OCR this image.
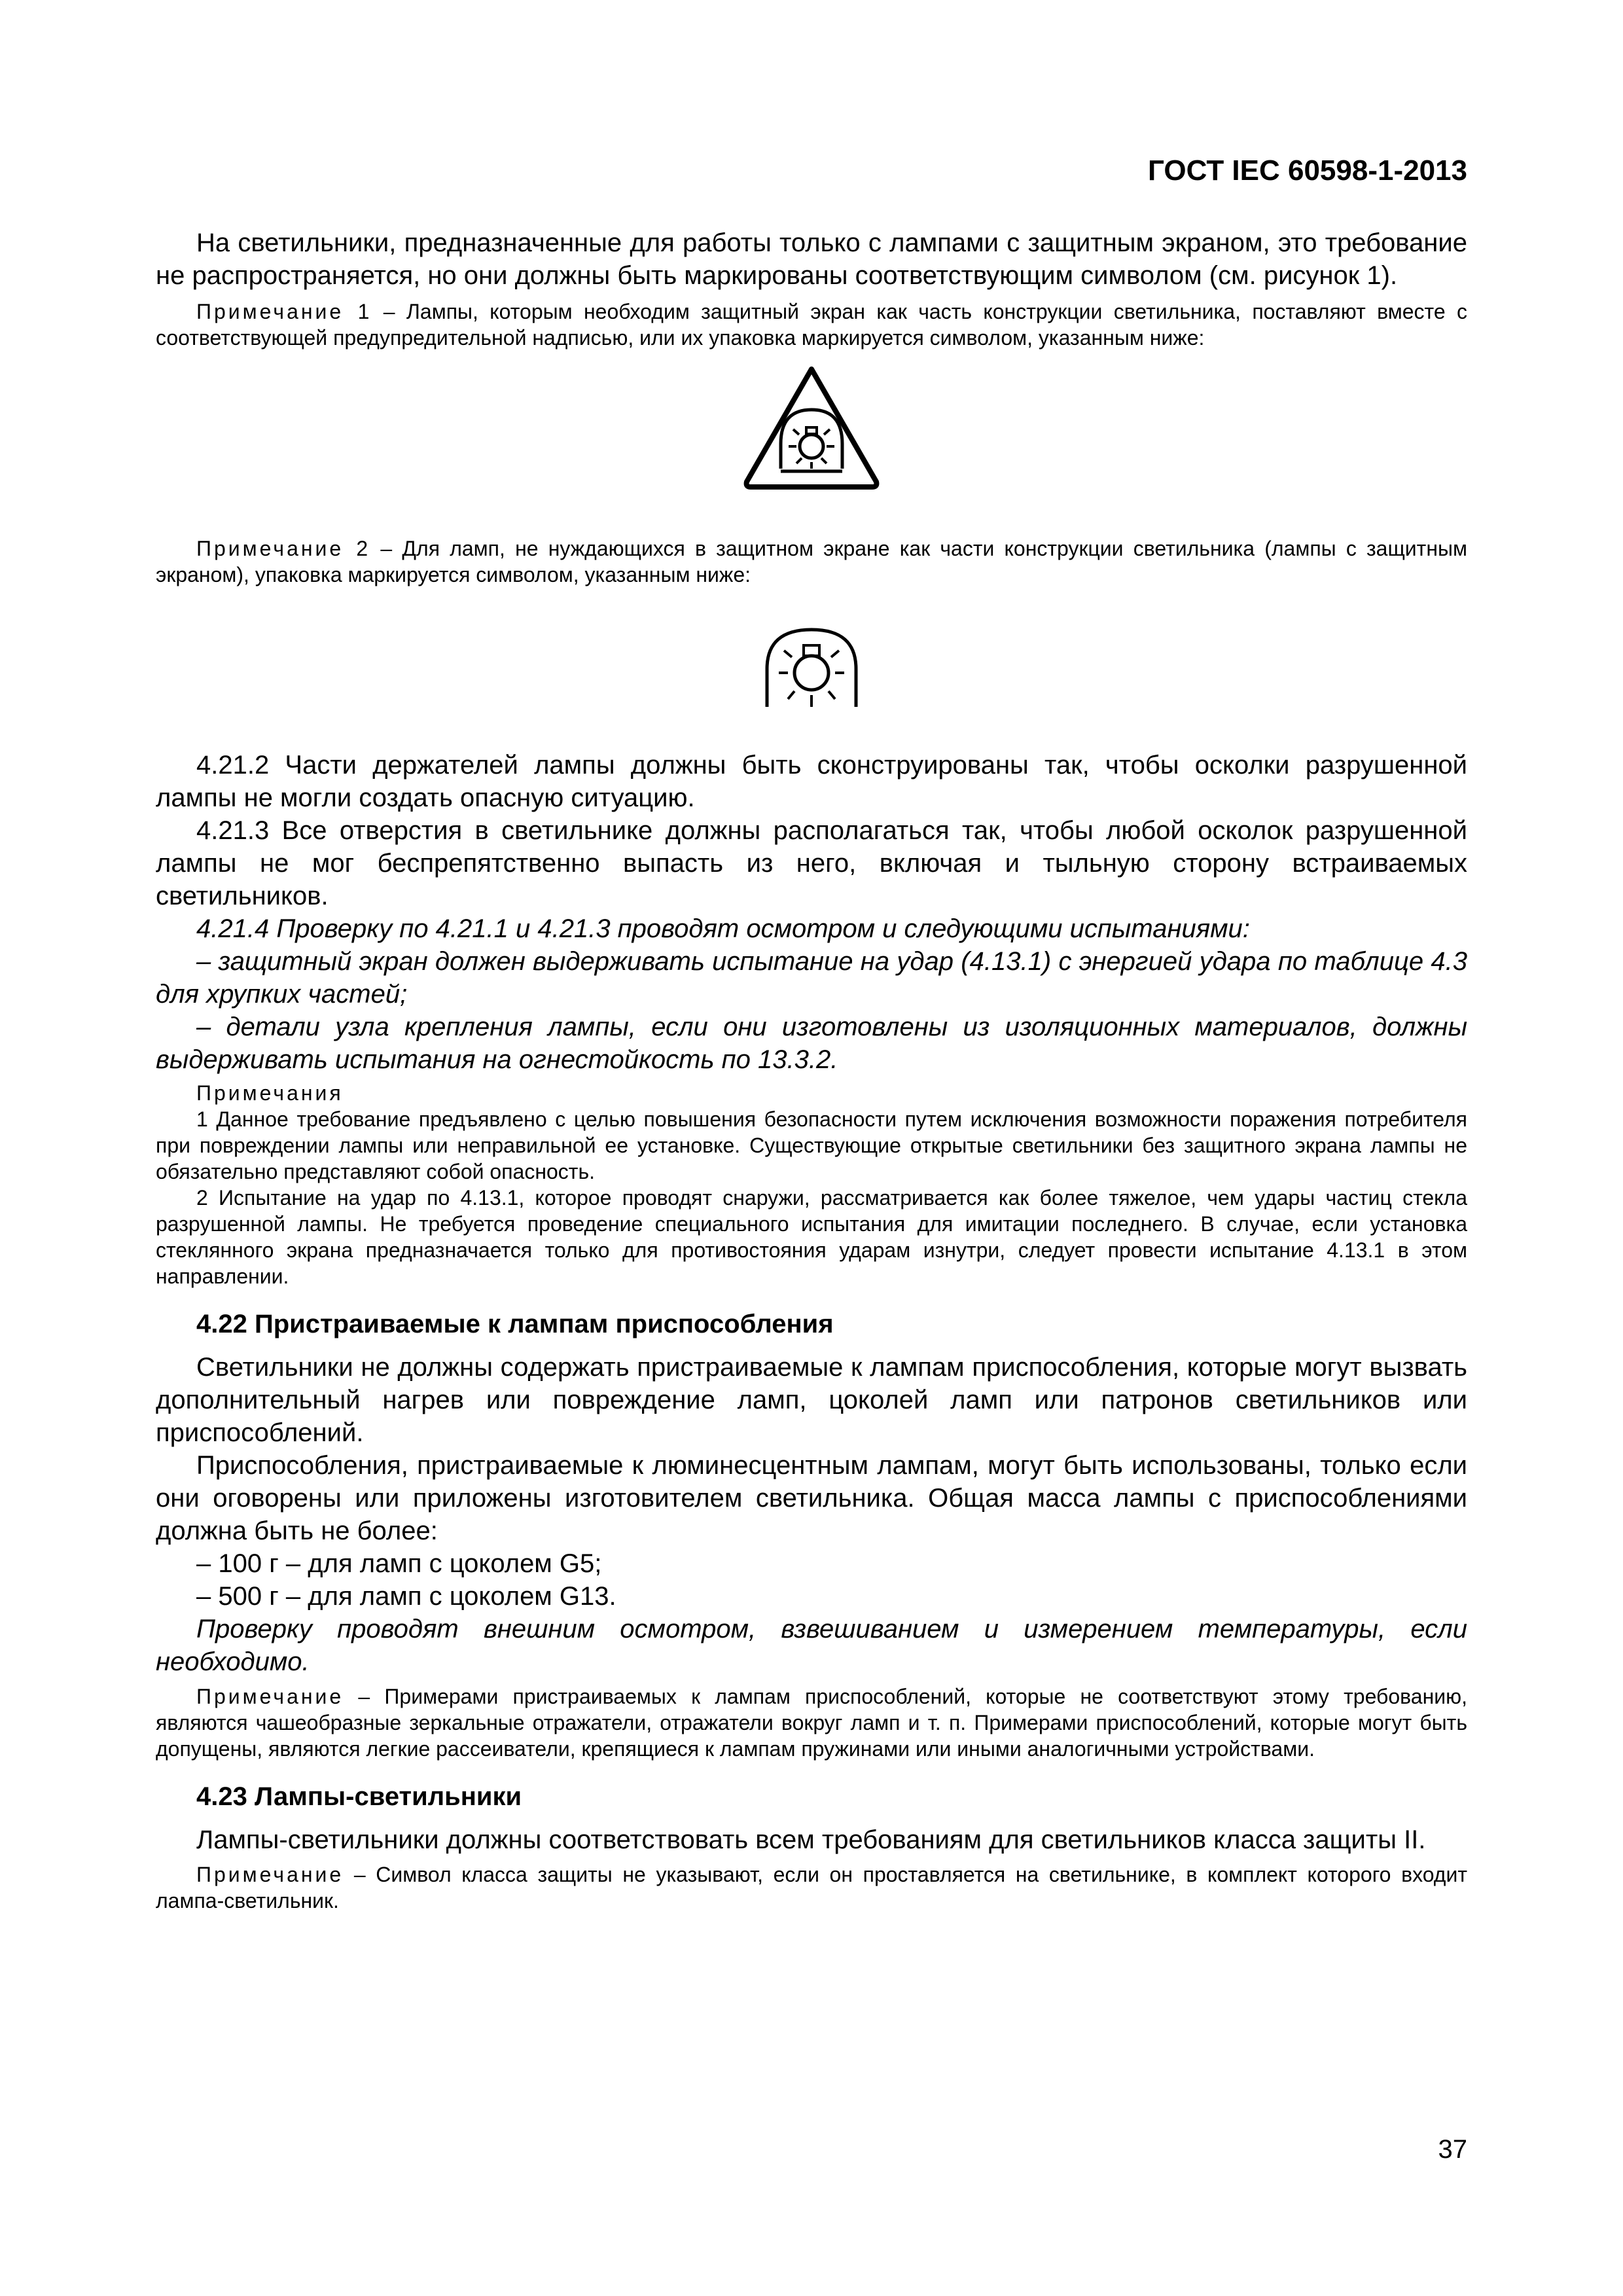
ГОСТ IEC 60598-1-2013

На светильники, предназначенные для работы только с лампами с защитным экраном, это требование не распространяется, но они должны быть маркированы соответствующим символом (см. рисунок 1).

Примечание 1 – Лампы, которым необходим защитный экран как часть конструкции светильника, поставляют вместе с соответствующей предупредительной надписью, или их упаковка маркируется символом, указанным ниже:

Примечание 2 – Для ламп, не нуждающихся в защитном экране как части конструкции светильника (лампы с защитным экраном), упаковка маркируется символом, указанным ниже:

4.21.2 Части держателей лампы должны быть сконструированы так, чтобы осколки разрушенной лампы не могли создать опасную ситуацию.

4.21.3 Все отверстия в светильнике должны располагаться так, чтобы любой осколок разрушенной лампы не мог беспрепятственно выпасть из него, включая и тыльную сторону встраиваемых светильников.

4.21.4 Проверку по 4.21.1 и 4.21.3 проводят осмотром и следующими испытаниями:

– защитный экран должен выдерживать испытание на удар (4.13.1) с энергией удара по таблице 4.3 для хрупких частей;

– детали узла крепления лампы, если они изготовлены из изоляционных материалов, должны выдерживать испытания на огнестойкость по 13.3.2.

Примечания

1 Данное требование предъявлено с целью повышения безопасности путем исключения возможности поражения потребителя при повреждении лампы или неправильной ее установке. Существующие открытые светильники без защитного экрана лампы не обязательно представляют собой опасность.

2 Испытание на удар по 4.13.1, которое проводят снаружи, рассматривается как более тяжелое, чем удары частиц стекла разрушенной лампы. Не требуется проведение специального испытания для имитации последнего. В случае, если установка стеклянного экрана предназначается только для противостояния ударам изнутри, следует провести испытание 4.13.1 в этом направлении.

4.22 Пристраиваемые к лампам приспособления

Светильники не должны содержать пристраиваемые к лампам приспособления, которые могут вызвать дополнительный нагрев или повреждение ламп, цоколей ламп или патронов светильников или приспособлений.

Приспособления, пристраиваемые к люминесцентным лампам, могут быть использованы, только если они оговорены или приложены изготовителем светильника. Общая масса лампы с приспособлениями должна быть не более:

– 100 г – для ламп с цоколем G5;

– 500 г – для ламп с цоколем G13.

Проверку проводят внешним осмотром, взвешиванием и измерением температуры, если необходимо.

Примечание – Примерами пристраиваемых к лампам приспособлений, которые не соответствуют этому требованию, являются чашеобразные зеркальные отражатели, отражатели вокруг ламп и т. п. Примерами приспособлений, которые могут быть допущены, являются легкие рассеиватели, крепящиеся к лампам пружинами или иными аналогичными устройствами.

4.23 Лампы-светильники

Лампы-светильники должны соответствовать всем требованиям для светильников класса защиты II.

Примечание – Символ класса защиты не указывают, если он проставляется на светильнике, в комплект которого входит лампа-светильник.

37
